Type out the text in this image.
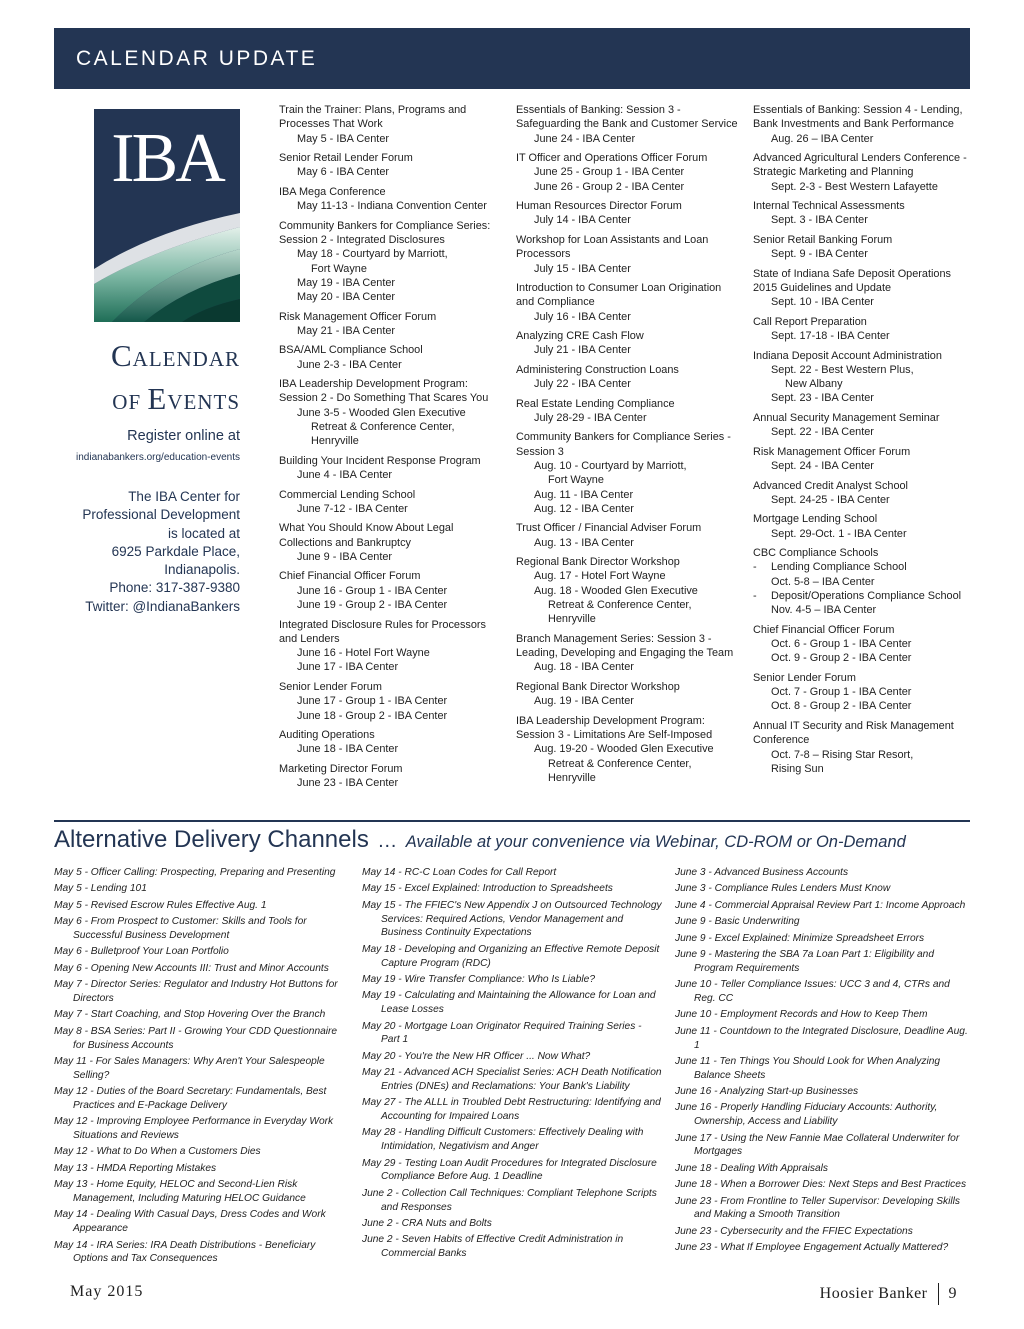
CALENDAR UPDATE
IBA
CALENDAR
OF EVENTS
Register online at
indianabankers.org/education-events
The IBA Center for
Professional Development
is located at
6925 Parkdale Place,
Indianapolis.
Phone: 317-387-9380
Twitter: @IndianaBankers
Train the Trainer: Plans, Programs and Processes That Work
May 5 - IBA Center
Senior Retail Lender Forum
May 6 - IBA Center
IBA Mega Conference
May 11-13 - Indiana Convention Center
Community Bankers for Compliance Series: Session 2 - Integrated Disclosures
May 18 - Courtyard by Marriott,
Fort Wayne
May 19 - IBA Center
May 20 - IBA Center
Risk Management Officer Forum
May 21 - IBA Center
BSA/AML Compliance School
June 2-3 - IBA Center
IBA Leadership Development Program: Session 2 - Do Something That Scares You
June 3-5 - Wooded Glen Executive
Retreat & Conference Center,
Henryville
Building Your Incident Response Program
June 4 - IBA Center
Commercial Lending School
June 7-12 - IBA Center
What You Should Know About Legal Collections and Bankruptcy
June 9 - IBA Center
Chief Financial Officer Forum
June 16 - Group 1 - IBA Center
June 19 - Group 2 - IBA Center
Integrated Disclosure Rules for Processors and Lenders
June 16 - Hotel Fort Wayne
June 17 - IBA Center
Senior Lender Forum
June 17 - Group 1 - IBA Center
June 18 - Group 2 - IBA Center
Auditing Operations
June 18 - IBA Center
Marketing Director Forum
June 23 - IBA Center
Essentials of Banking: Session 3 - Safeguarding the Bank and Customer Service
June 24 - IBA Center
IT Officer and Operations Officer Forum
June 25 - Group 1 - IBA Center
June 26 - Group 2 - IBA Center
Human Resources Director Forum
July 14 - IBA Center
Workshop for Loan Assistants and Loan Processors
July 15 - IBA Center
Introduction to Consumer Loan Origination and Compliance
July 16 - IBA Center
Analyzing CRE Cash Flow
July 21 - IBA Center
Administering Construction Loans
July 22 - IBA Center
Real Estate Lending Compliance
July 28-29 - IBA Center
Community Bankers for Compliance Series - Session 3
Aug. 10 - Courtyard by Marriott,
Fort Wayne
Aug. 11 - IBA Center
Aug. 12 - IBA Center
Trust Officer / Financial Adviser Forum
Aug. 13 - IBA Center
Regional Bank Director Workshop
Aug. 17 - Hotel Fort Wayne
Aug. 18 - Wooded Glen Executive
Retreat & Conference Center,
Henryville
Branch Management Series: Session 3 - Leading, Developing and Engaging the Team
Aug. 18 - IBA Center
Regional Bank Director Workshop
Aug. 19 - IBA Center
IBA Leadership Development Program: Session 3 - Limitations Are Self-Imposed
Aug. 19-20 - Wooded Glen Executive
Retreat & Conference Center,
Henryville
Essentials of Banking: Session 4 - Lending, Bank Investments and Bank Performance
Aug. 26 – IBA Center
Advanced Agricultural Lenders Conference -Strategic Marketing and Planning
Sept. 2-3 - Best Western Lafayette
Internal Technical Assessments
Sept. 3 - IBA Center
Senior Retail Banking Forum
Sept. 9 - IBA Center
State of Indiana Safe Deposit Operations 2015 Guidelines and Update
Sept. 10 - IBA Center
Call Report Preparation
Sept. 17-18 - IBA Center
Indiana Deposit Account Administration
Sept. 22 - Best Western Plus,
New Albany
Sept. 23 - IBA Center
Annual Security Management Seminar
Sept. 22 - IBA Center
Risk Management Officer Forum
Sept. 24 - IBA Center
Advanced Credit Analyst School
Sept. 24-25 - IBA Center
Mortgage Lending School
Sept. 29-Oct. 1 - IBA Center
CBC Compliance Schools
- Lending Compliance School
Oct. 5-8 – IBA Center
- Deposit/Operations Compliance School
Nov. 4-5 – IBA Center
Chief Financial Officer Forum
Oct. 6 - Group 1 - IBA Center
Oct. 9 - Group 2 - IBA Center
Senior Lender Forum
Oct. 7 - Group 1 - IBA Center
Oct. 8 - Group 2 - IBA Center
Annual IT Security and Risk Management Conference
Oct. 7-8 – Rising Star Resort,
Rising Sun
Alternative Delivery Channels … Available at your convenience via Webinar, CD-ROM or On-Demand
May 5 - Officer Calling: Prospecting, Preparing and Presenting
May 5 - Lending 101
May 5 - Revised Escrow Rules Effective Aug. 1
May 6 - From Prospect to Customer: Skills and Tools for Successful Business Development
May 6 - Bulletproof Your Loan Portfolio
May 6 - Opening New Accounts III: Trust and Minor Accounts
May 7 - Director Series: Regulator and Industry Hot Buttons for Directors
May 7 - Start Coaching, and Stop Hovering Over the Branch
May 8 - BSA Series: Part II - Growing Your CDD Questionnaire for Business Accounts
May 11 - For Sales Managers: Why Aren't Your Salespeople Selling?
May 12 - Duties of the Board Secretary: Fundamentals, Best Practices and E-Package Delivery
May 12 - Improving Employee Performance in Everyday Work Situations and Reviews
May 12 - What to Do When a Customers Dies
May 13 - HMDA Reporting Mistakes
May 13 - Home Equity, HELOC and Second-Lien Risk Management, Including Maturing HELOC Guidance
May 14 - Dealing With Casual Days, Dress Codes and Work Appearance
May 14 - IRA Series: IRA Death Distributions - Beneficiary Options and Tax Consequences
May 14 - RC-C Loan Codes for Call Report
May 15 - Excel Explained: Introduction to Spreadsheets
May 15 - The FFIEC's New Appendix J on Outsourced Technology Services: Required Actions, Vendor Management and Business Continuity Expectations
May 18 - Developing and Organizing an Effective Remote Deposit Capture Program (RDC)
May 19 - Wire Transfer Compliance: Who Is Liable?
May 19 - Calculating and Maintaining the Allowance for Loan and Lease Losses
May 20 - Mortgage Loan Originator Required Training Series - Part 1
May 20 - You're the New HR Officer ... Now What?
May 21 - Advanced ACH Specialist Series: ACH Death Notification Entries (DNEs) and Reclamations: Your Bank's Liability
May 27 - The ALLL in Troubled Debt Restructuring: Identifying and Accounting for Impaired Loans
May 28 - Handling Difficult Customers: Effectively Dealing with Intimidation, Negativism and Anger
May 29 - Testing Loan Audit Procedures for Integrated Disclosure Compliance Before Aug. 1 Deadline
June 2 - Collection Call Techniques: Compliant Telephone Scripts and Responses
June 2 - CRA Nuts and Bolts
June 2 - Seven Habits of Effective Credit Administration in Commercial Banks
June 3 - Advanced Business Accounts
June 3 - Compliance Rules Lenders Must Know
June 4 - Commercial Appraisal Review Part 1: Income Approach
June 9 - Basic Underwriting
June 9 - Excel Explained: Minimize Spreadsheet Errors
June 9 - Mastering the SBA 7a Loan Part 1: Eligibility and Program Requirements
June 10 - Teller Compliance Issues: UCC 3 and 4, CTRs and Reg. CC
June 10 - Employment Records and How to Keep Them
June 11 - Countdown to the Integrated Disclosure, Deadline Aug. 1
June 11 - Ten Things You Should Look for When Analyzing Balance Sheets
June 16 - Analyzing Start-up Businesses
June 16 - Properly Handling Fiduciary Accounts: Authority, Ownership, Access and Liability
June 17 - Using the New Fannie Mae Collateral Underwriter for Mortgages
June 18 - Dealing With Appraisals
June 18 - When a Borrower Dies: Next Steps and Best Practices
June 23 - From Frontline to Teller Supervisor: Developing Skills and Making a Smooth Transition
June 23 - Cybersecurity and the FFIEC Expectations
June 23 - What If Employee Engagement Actually Mattered?
May 2015	Hoosier Banker 9
